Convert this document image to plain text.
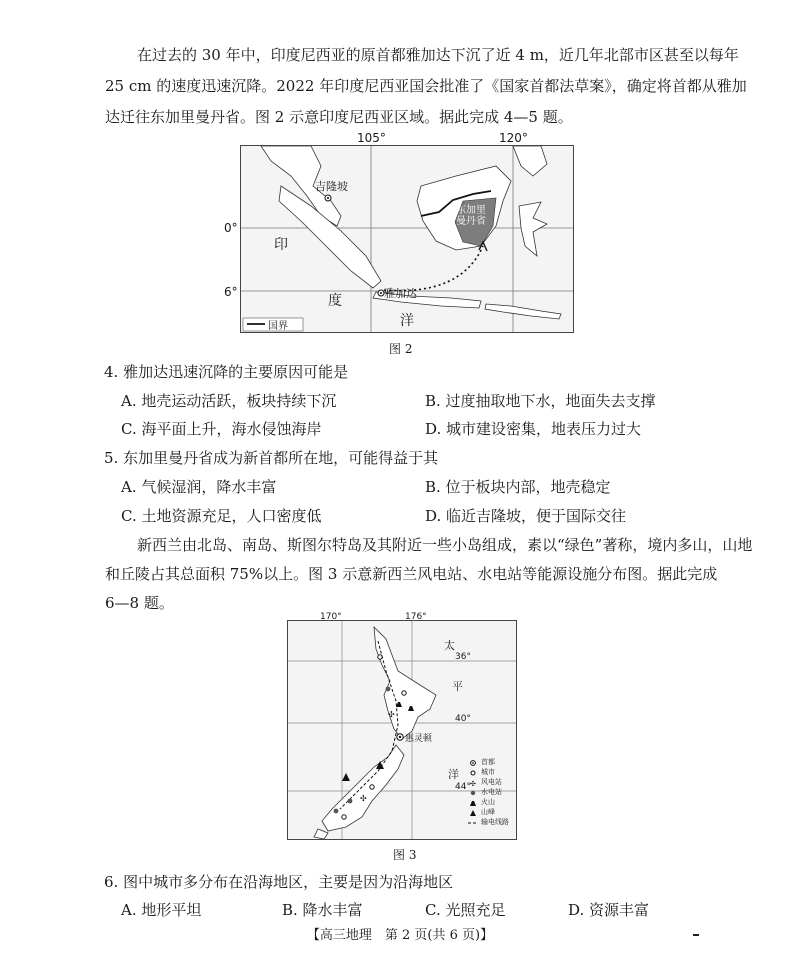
在过去的 30 年中，印度尼西亚的原首都雅加达下沉了近 4 m，近几年北部市区甚至以每年
25 cm 的速度迅速沉降。2022 年印度尼西亚国会批准了《国家首都法草案》，确定将首都从雅加
达迁往东加里曼丹省。图 2 示意印度尼西亚区域。据此完成 4—5 题。
105°	120°
0°
6°
吉隆坡
雅加达
东加里曼丹省
印
度
洋
国界
图 2
4. 雅加达迅速沉降的主要原因可能是
A. 地壳运动活跃，板块持续下沉	B. 过度抽取地下水，地面失去支撑
C. 海平面上升，海水侵蚀海岸	D. 城市建设密集，地表压力过大
5. 东加里曼丹省成为新首都所在地，可能得益于其
A. 气候湿润，降水丰富	B. 位于板块内部，地壳稳定
C. 土地资源充足，人口密度低	D. 临近吉隆坡，便于国际交往
新西兰由北岛、南岛、斯图尔特岛及其附近一些小岛组成，素以“绿色”著称，境内多山，山地
和丘陵占其总面积 75%以上。图 3 示意新西兰风电站、水电站等能源设施分布图。据此完成
6—8 题。
✣
✣
✣
170°	176°
36°
40°
44°
惠灵顿
太
平
洋
首都
城市
风电站
水电站
火山
山峰
输电线路
图 3
6. 图中城市多分布在沿海地区，主要是因为沿海地区
A. 地形平坦	B. 降水丰富	C. 光照充足	D. 资源丰富
【高三地理　第 2 页(共 6 页)】
